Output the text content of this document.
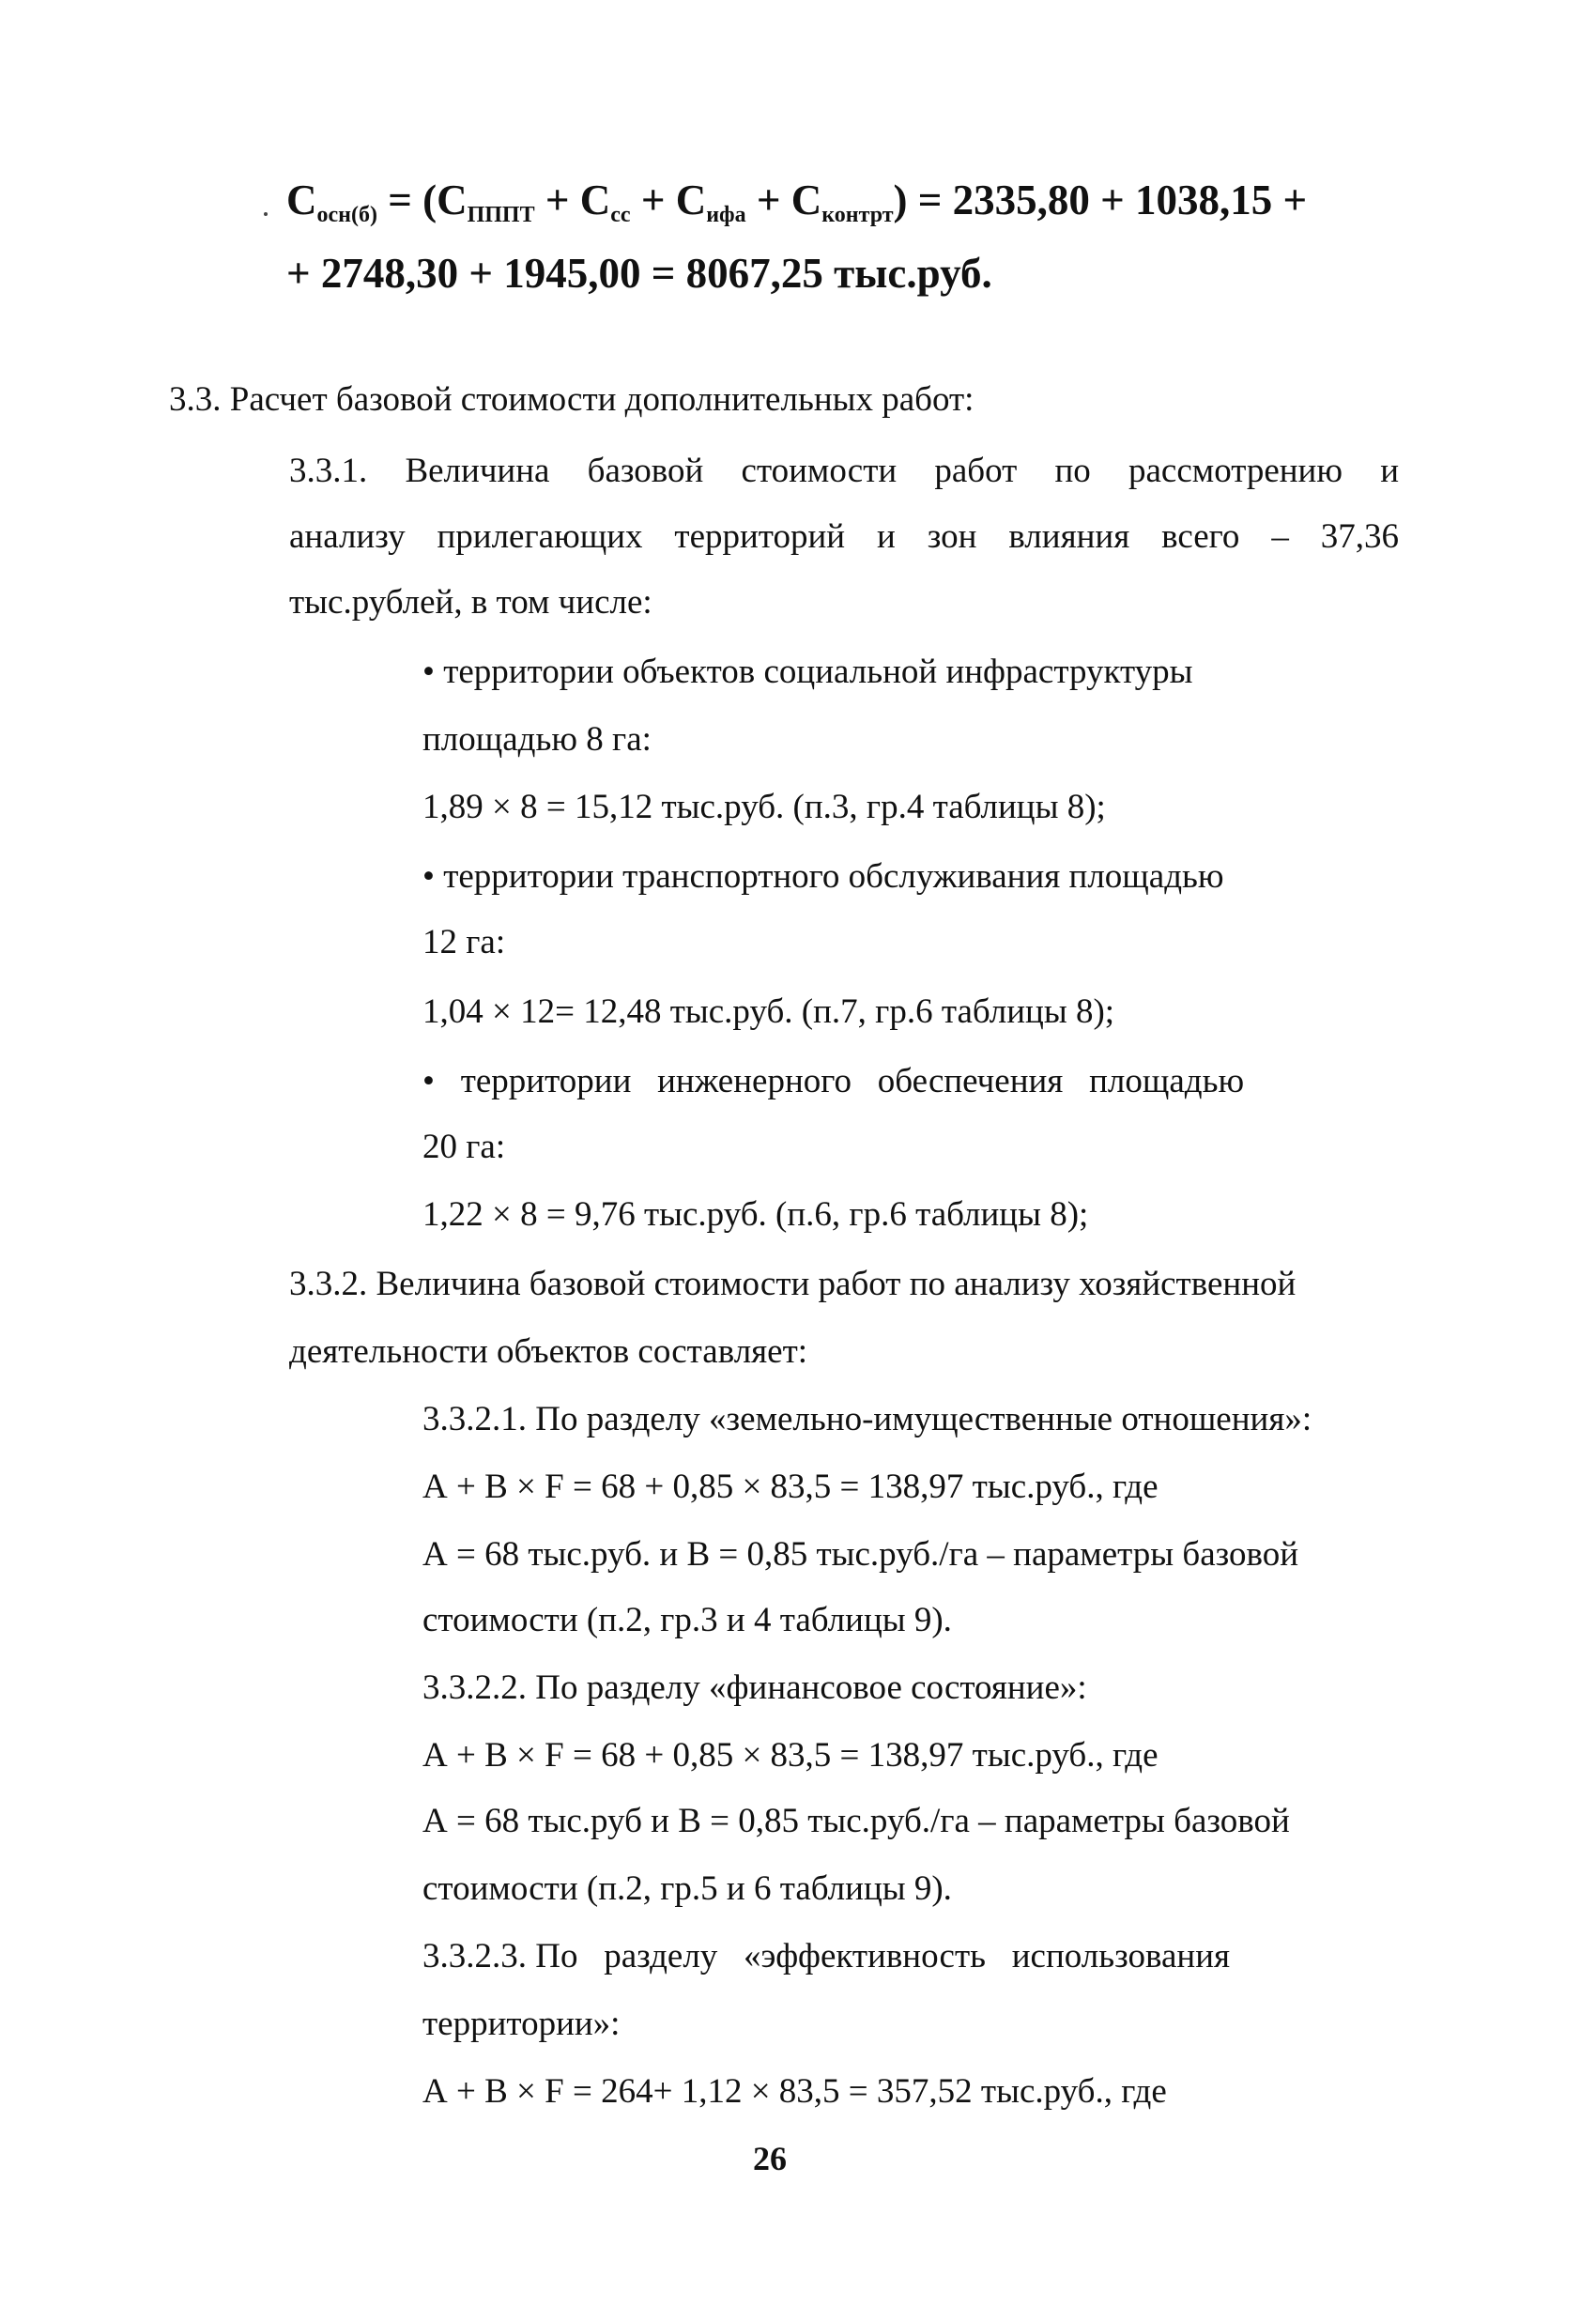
$С_{осн(б)} = (С_{ПППТ} + С_{сс} + С_{ифа} + С_{контрт}) = 2335,80 + 1038,15$ +
+ 2748,30 + 1945,00 = 8067,25 тыс.руб.
3.3. Расчет базовой стоимости дополнительных работ:
3.3.1. Величина базовой стоимости работ по рассмотрению и
анализу прилегающих территорий и зон влияния всего – 37,36
тыс.рублей, в том числе:
• территории объектов социальной инфраструктуры
площадью 8 га:
1,89 × 8 = 15,12 тыс.руб. (п.3, гр.4 таблицы 8);
• территории транспортного обслуживания площадью
12 га:
1,04 × 12= 12,48 тыс.руб. (п.7, гр.6 таблицы 8);
•   территории   инженерного   обеспечения   площадью
20 га:
1,22 × 8 = 9,76 тыс.руб. (п.6, гр.6 таблицы 8);
3.3.2. Величина базовой стоимости работ по анализу хозяйственной
деятельности объектов составляет:
3.3.2.1. По разделу «земельно-имущественные отношения»:
А + В × F = 68 + 0,85 × 83,5 = 138,97 тыс.руб., где
А = 68 тыс.руб. и В = 0,85 тыс.руб./га – параметры базовой
стоимости (п.2, гр.3 и 4 таблицы 9).
3.3.2.2. По разделу «финансовое состояние»:
А + В × F = 68 + 0,85 × 83,5 = 138,97 тыс.руб., где
А = 68 тыс.руб и В = 0,85 тыс.руб./га – параметры базовой
стоимости (п.2, гр.5 и 6 таблицы 9).
3.3.2.3. По   разделу   «эффективность   использования
территории»:
А + В × F = 264+ 1,12 × 83,5 = 357,52 тыс.руб., где
26
